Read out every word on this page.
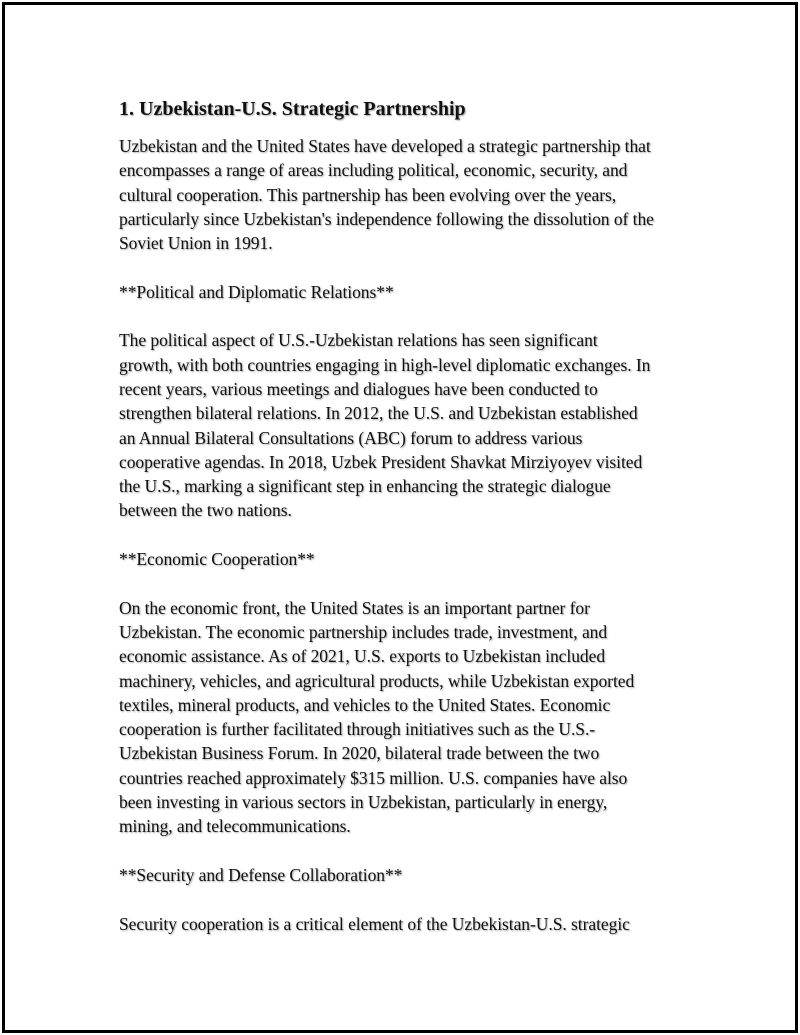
1. Uzbekistan-U.S. Strategic Partnership
Uzbekistan and the United States have developed a strategic partnership that
encompasses a range of areas including political, economic, security, and
cultural cooperation. This partnership has been evolving over the years,
particularly since Uzbekistan's independence following the dissolution of the
Soviet Union in 1991.
**Political and Diplomatic Relations**
The political aspect of U.S.-Uzbekistan relations has seen significant
growth, with both countries engaging in high-level diplomatic exchanges. In
recent years, various meetings and dialogues have been conducted to
strengthen bilateral relations. In 2012, the U.S. and Uzbekistan established
an Annual Bilateral Consultations (ABC) forum to address various
cooperative agendas. In 2018, Uzbek President Shavkat Mirziyoyev visited
the U.S., marking a significant step in enhancing the strategic dialogue
between the two nations.
**Economic Cooperation**
On the economic front, the United States is an important partner for
Uzbekistan. The economic partnership includes trade, investment, and
economic assistance. As of 2021, U.S. exports to Uzbekistan included
machinery, vehicles, and agricultural products, while Uzbekistan exported
textiles, mineral products, and vehicles to the United States. Economic
cooperation is further facilitated through initiatives such as the U.S.-
Uzbekistan Business Forum. In 2020, bilateral trade between the two
countries reached approximately $315 million. U.S. companies have also
been investing in various sectors in Uzbekistan, particularly in energy,
mining, and telecommunications.
**Security and Defense Collaboration**
Security cooperation is a critical element of the Uzbekistan-U.S. strategic
